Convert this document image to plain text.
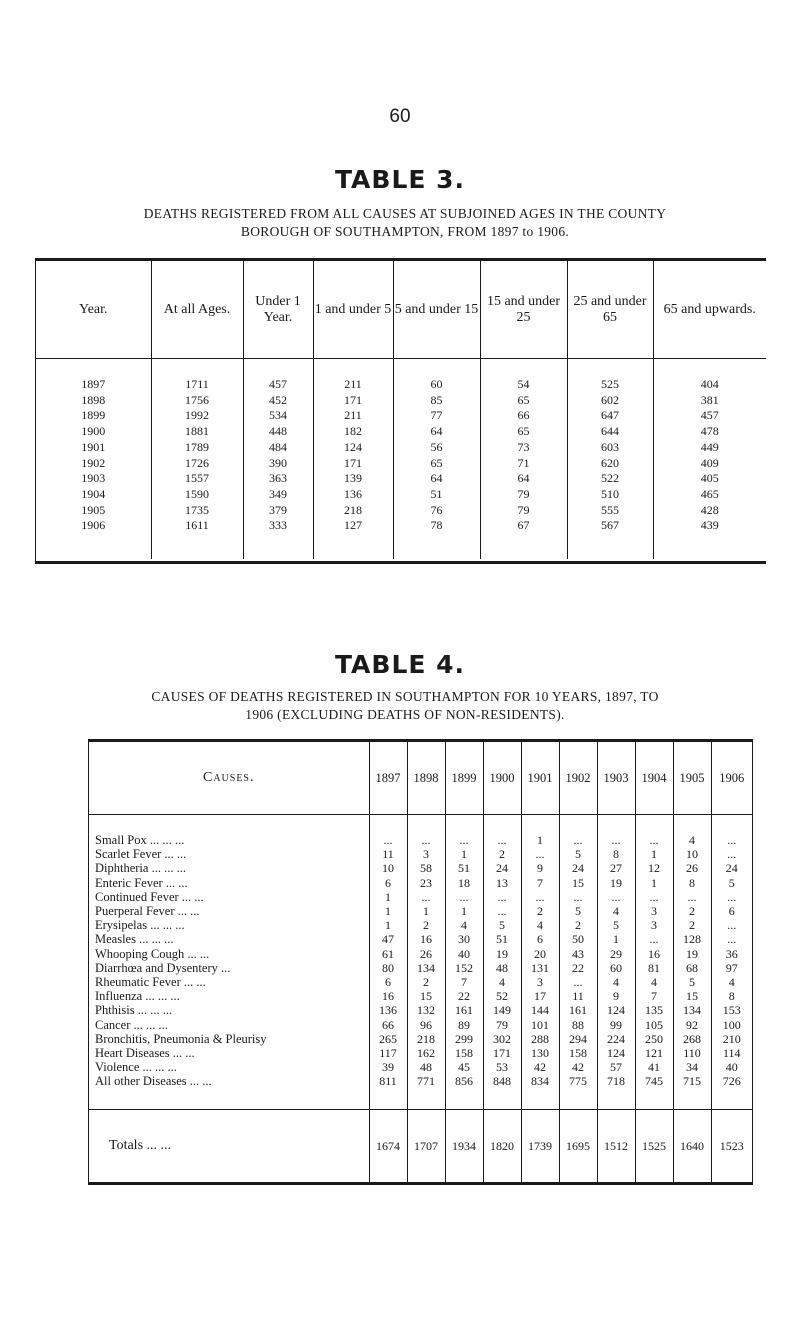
60
TABLE 3.
DEATHS REGISTERED FROM ALL CAUSES AT SUBJOINED AGES IN THE COUNTY
BOROUGH OF SOUTHAMPTON, FROM 1897 to 1906.
Year.	At all Ages.	Under 1 Year.	1 and under 5	5 and under 15	15 and under 25	25 and under 65	65 and upwards.

1897	1711	457	211	60	54	525	404
1898	1756	452	171	85	65	602	381
1899	1992	534	211	77	66	647	457
1900	1881	448	182	64	65	644	478
1901	1789	484	124	56	73	603	449
1902	1726	390	171	65	71	620	409
1903	1557	363	139	64	64	522	405
1904	1590	349	136	51	79	510	465
1905	1735	379	218	76	79	555	428
1906	1611	333	127	78	67	567	439

TABLE 4.
CAUSES OF DEATHS REGISTERED IN SOUTHAMPTON FOR 10 YEARS, 1897, TO
1906 (EXCLUDING DEATHS OF NON-RESIDENTS).
Causes.	1897	1898	1899	1900	1901	1902	1903	1904	1905	1906

Small Pox ... ... ...	...	...	...	...	1	...	...	...	4	...
Scarlet Fever ... ...	11	3	1	2	...	5	8	1	10	...
Diphtheria ... ... ...	10	58	51	24	9	24	27	12	26	24
Enteric Fever ... ...	6	23	18	13	7	15	19	1	8	5
Continued Fever ... ...	1	...	...	...	...	...	...	...	...	...
Puerperal Fever ... ...	1	1	1	...	2	5	4	3	2	6
Erysipelas ... ... ...	1	2	4	5	4	2	5	3	2	...
Measles ... ... ...	47	16	30	51	6	50	1	...	128	...
Whooping Cough ... ...	61	26	40	19	20	43	29	16	19	36
Diarrhœa and Dysentery ...	80	134	152	48	131	22	60	81	68	97
Rheumatic Fever ... ...	6	2	7	4	3	...	4	4	5	4
Influenza ... ... ...	16	15	22	52	17	11	9	7	15	8
Phthisis ... ... ...	136	132	161	149	144	161	124	135	134	153
Cancer ... ... ...	66	96	89	79	101	88	99	105	92	100
Bronchitis, Pneumonia & Pleurisy	265	218	299	302	288	294	224	250	268	210
Heart Diseases ... ...	117	162	158	171	130	158	124	121	110	114
Violence ... ... ...	39	48	45	53	42	42	57	41	34	40
All other Diseases ... ...	811	771	856	848	834	775	718	745	715	726

Totals ... ...	1674	1707	1934	1820	1739	1695	1512	1525	1640	1523
